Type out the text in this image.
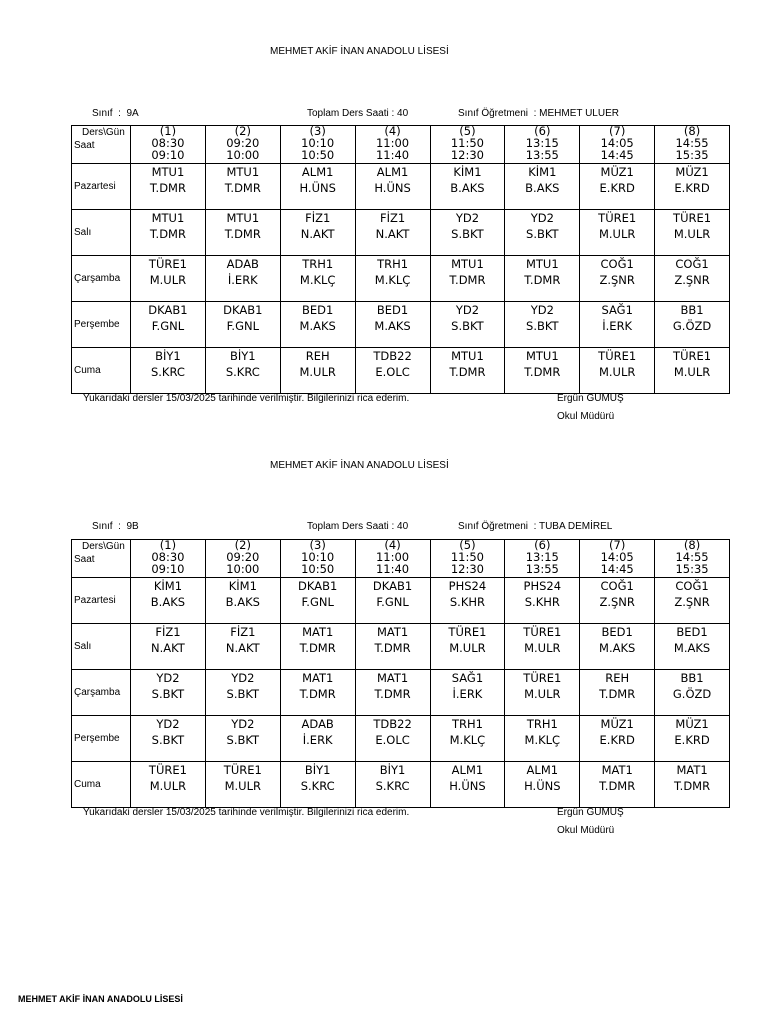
MEHMET AKİF İNAN ANADOLU LİSESİ
Sınıf  :  9A	Toplam Ders Saati : 40	Sınıf Öğretmeni  : MEHMET ULUER
Ders\Gün
Saat	(1)
08:30
09:10	(2)
09:20
10:00	(3)
10:10
10:50	(4)
11:00
11:40	(5)
11:50
12:30	(6)
13:15
13:55	(7)
14:05
14:45	(8)
14:55
15:35

Pazartesi	MTU1
T.DMR	MTU1
T.DMR	ALM1
H.ÜNS	ALM1
H.ÜNS	KİM1
B.AKS	KİM1
B.AKS	MÜZ1
E.KRD	MÜZ1
E.KRD

Salı	MTU1
T.DMR	MTU1
T.DMR	FİZ1
N.AKT	FİZ1
N.AKT	YD2
S.BKT	YD2
S.BKT	TÜRE1
M.ULR	TÜRE1
M.ULR

Çarşamba	TÜRE1
M.ULR	ADAB
İ.ERK	TRH1
M.KLÇ	TRH1
M.KLÇ	MTU1
T.DMR	MTU1
T.DMR	COĞ1
Z.ŞNR	COĞ1
Z.ŞNR

Perşembe	DKAB1
F.GNL	DKAB1
F.GNL	BED1
M.AKS	BED1
M.AKS	YD2
S.BKT	YD2
S.BKT	SAĞ1
İ.ERK	BB1
G.ÖZD

Cuma	BİY1
S.KRC	BİY1
S.KRC	REH
M.ULR	TDB22
E.OLC	MTU1
T.DMR	MTU1
T.DMR	TÜRE1
M.ULR	TÜRE1
M.ULR
Yukarıdaki dersler 15/03/2025 tarihinde verilmiştir. Bilgilerinizi rica ederim.	Ergün GUMUŞ
Okul Müdürü
MEHMET AKİF İNAN ANADOLU LİSESİ
Sınıf  :  9B	Toplam Ders Saati : 40	Sınıf Öğretmeni  : TUBA DEMİREL
Ders\Gün
Saat	(1)
08:30
09:10	(2)
09:20
10:00	(3)
10:10
10:50	(4)
11:00
11:40	(5)
11:50
12:30	(6)
13:15
13:55	(7)
14:05
14:45	(8)
14:55
15:35

Pazartesi	KİM1
B.AKS	KİM1
B.AKS	DKAB1
F.GNL	DKAB1
F.GNL	PHS24
S.KHR	PHS24
S.KHR	COĞ1
Z.ŞNR	COĞ1
Z.ŞNR

Salı	FİZ1
N.AKT	FİZ1
N.AKT	MAT1
T.DMR	MAT1
T.DMR	TÜRE1
M.ULR	TÜRE1
M.ULR	BED1
M.AKS	BED1
M.AKS

Çarşamba	YD2
S.BKT	YD2
S.BKT	MAT1
T.DMR	MAT1
T.DMR	SAĞ1
İ.ERK	TÜRE1
M.ULR	REH
T.DMR	BB1
G.ÖZD

Perşembe	YD2
S.BKT	YD2
S.BKT	ADAB
İ.ERK	TDB22
E.OLC	TRH1
M.KLÇ	TRH1
M.KLÇ	MÜZ1
E.KRD	MÜZ1
E.KRD

Cuma	TÜRE1
M.ULR	TÜRE1
M.ULR	BİY1
S.KRC	BİY1
S.KRC	ALM1
H.ÜNS	ALM1
H.ÜNS	MAT1
T.DMR	MAT1
T.DMR
Yukarıdaki dersler 15/03/2025 tarihinde verilmiştir. Bilgilerinizi rica ederim.	Ergün GUMUŞ
Okul Müdürü
MEHMET AKİF İNAN ANADOLU LİSESİ
